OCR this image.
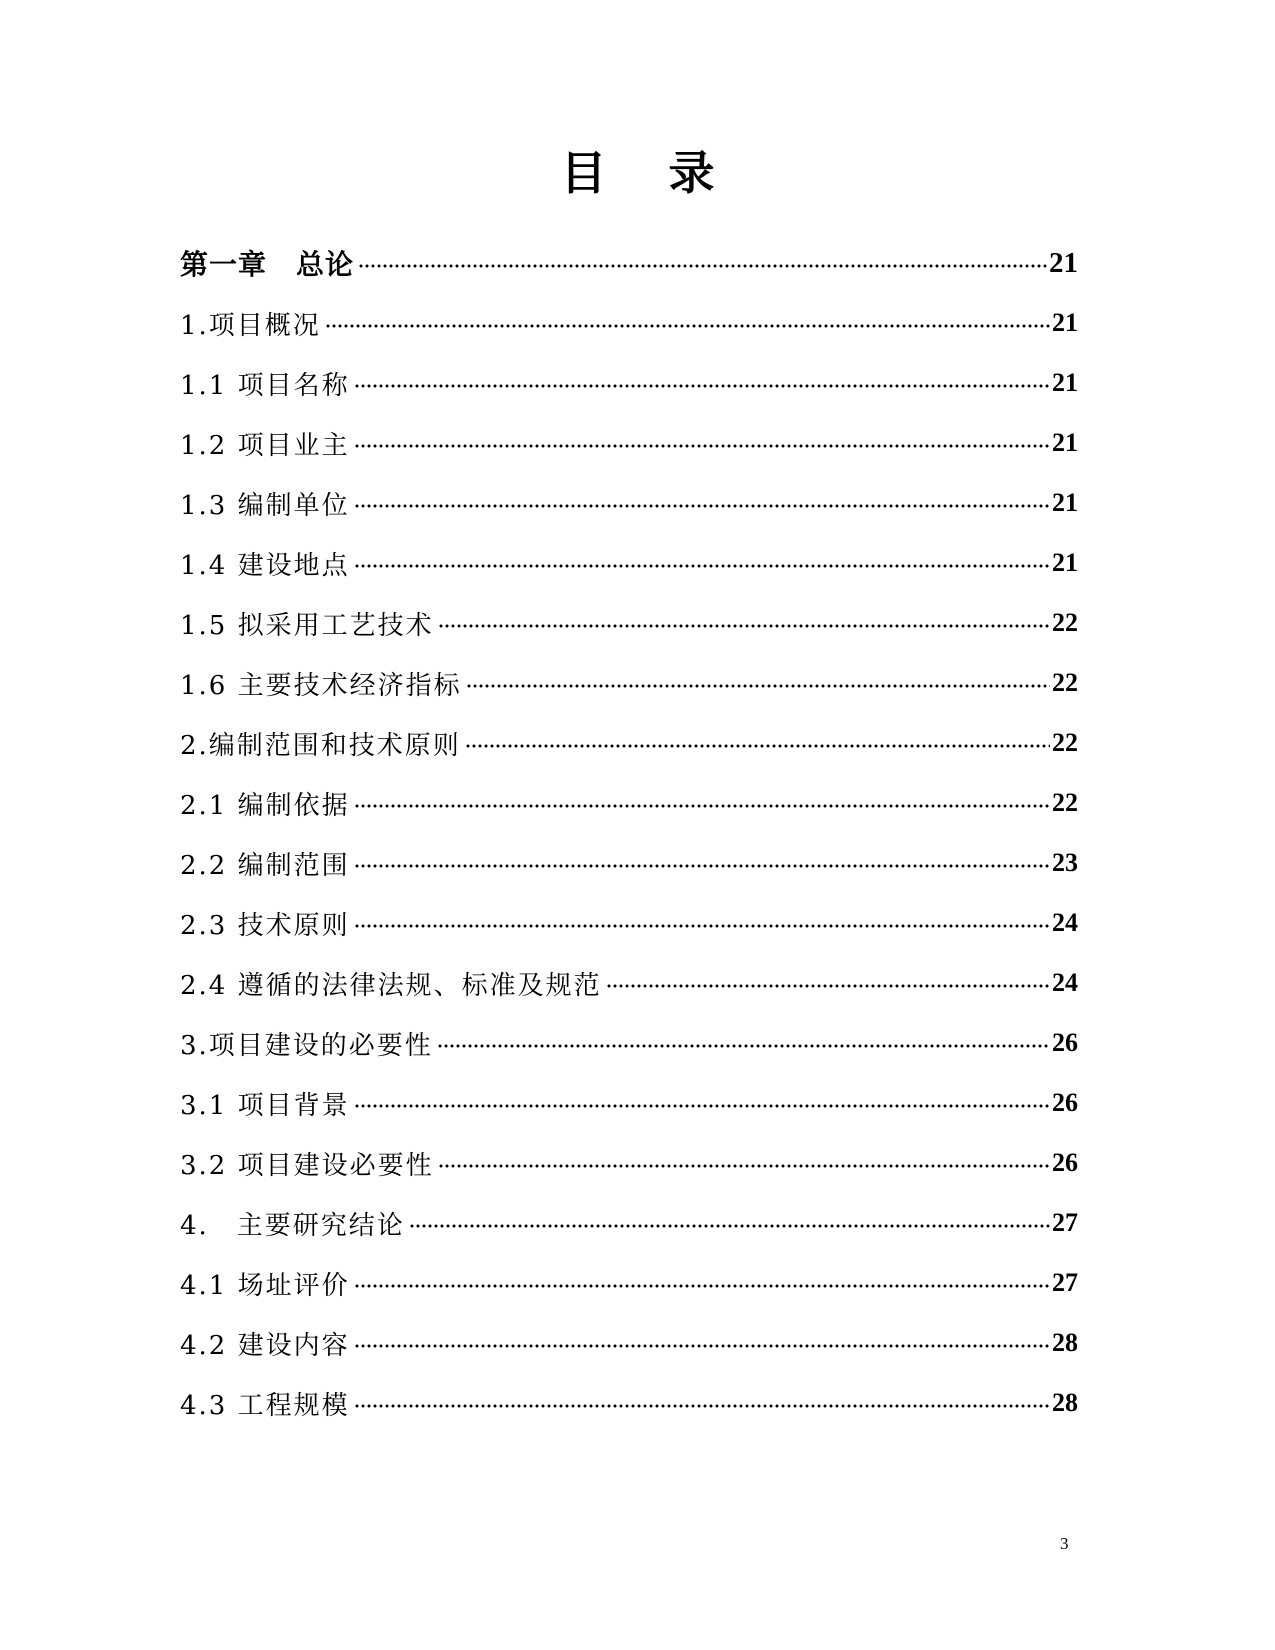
目　录
第一章　总论	21
1.项目概况	21
1.1 项目名称	21
1.2 项目业主	21
1.3 编制单位	21
1.4 建设地点	21
1.5 拟采用工艺技术	22
1.6 主要技术经济指标	22
2.编制范围和技术原则	22
2.1 编制依据	22
2.2 编制范围	23
2.3 技术原则	24
2.4 遵循的法律法规、标准及规范	24
3.项目建设的必要性	26
3.1 项目背景	26
3.2 项目建设必要性	26
4.　主要研究结论	27
4.1 场址评价	27
4.2 建设内容	28
4.3 工程规模	28
3
